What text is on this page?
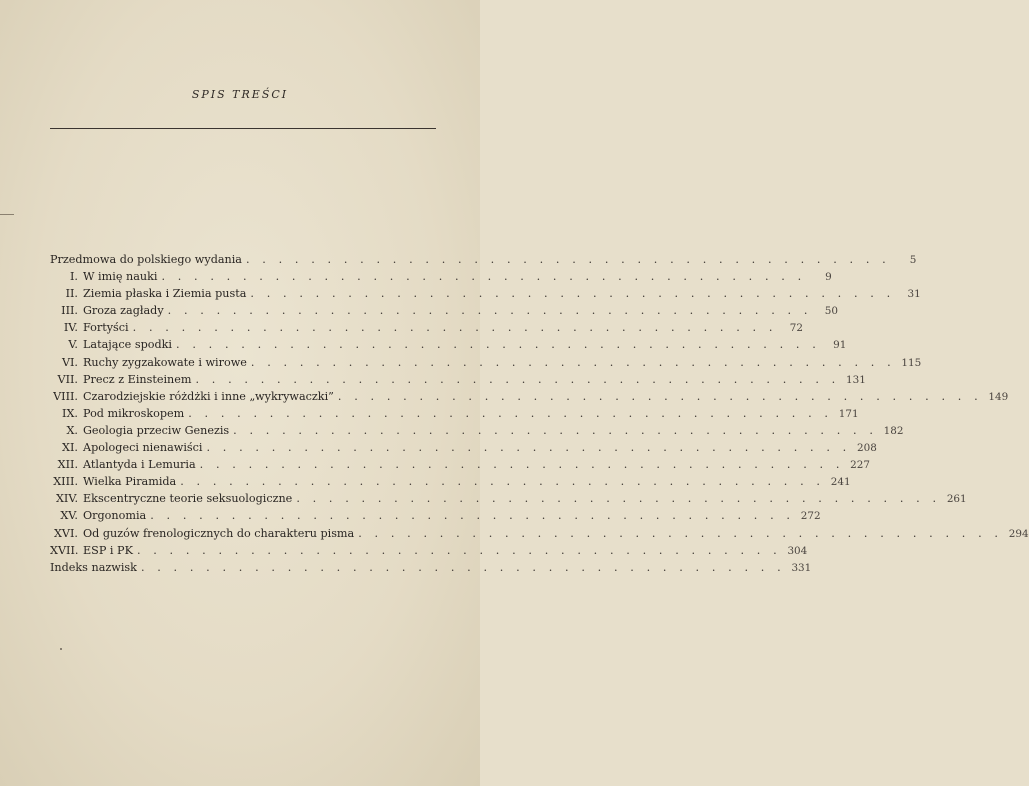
SPIS TREŚCI
Przedmowa do polskiego wydania . . . . . . . . . . . . . . . . . . . . . . . . . . . . . . . . . . . . . . . .	5
I. W imię nauki . . . . . . . . . . . . . . . . . . . . . . . . . . . . . . . . . . . . . . . .	9
II. Ziemia płaska i Ziemia pusta . . . . . . . . . . . . . . . . . . . . . . . . . . . . . . . . . . . . . . . .	31
III. Groza zagłady . . . . . . . . . . . . . . . . . . . . . . . . . . . . . . . . . . . . . . . .	50
IV. Fortyści . . . . . . . . . . . . . . . . . . . . . . . . . . . . . . . . . . . . . . . .	72
V. Latające spodki . . . . . . . . . . . . . . . . . . . . . . . . . . . . . . . . . . . . . . . .	91
VI. Ruchy zygzakowate i wirowe . . . . . . . . . . . . . . . . . . . . . . . . . . . . . . . . . . . . . . . . 115
VII. Precz z Einsteinem . . . . . . . . . . . . . . . . . . . . . . . . . . . . . . . . . . . . . . . . 131
VIII. Czarodziejskie różdżki i inne „wykrywaczki” . . . . . . . . . . . . . . . . . . . . . . . . . . . . . . . . . . . . . . . . 149
IX. Pod mikroskopem . . . . . . . . . . . . . . . . . . . . . . . . . . . . . . . . . . . . . . . . 171
X. Geologia przeciw Genezis . . . . . . . . . . . . . . . . . . . . . . . . . . . . . . . . . . . . . . . . 182
XI. Apologeci nienawiści . . . . . . . . . . . . . . . . . . . . . . . . . . . . . . . . . . . . . . . . 208
XII. Atlantyda i Lemuria . . . . . . . . . . . . . . . . . . . . . . . . . . . . . . . . . . . . . . . . 227
XIII. Wielka Piramida . . . . . . . . . . . . . . . . . . . . . . . . . . . . . . . . . . . . . . . . 241
XIV. Ekscentryczne teorie seksuologiczne . . . . . . . . . . . . . . . . . . . . . . . . . . . . . . . . . . . . . . . . 261
XV. Orgonomia . . . . . . . . . . . . . . . . . . . . . . . . . . . . . . . . . . . . . . . . 272
XVI. Od guzów frenologicznych do charakteru pisma . . . . . . . . . . . . . . . . . . . . . . . . . . . . . . . . . . . . . . . . 294
XVII. ESP i PK . . . . . . . . . . . . . . . . . . . . . . . . . . . . . . . . . . . . . . . . 304
Indeks nazwisk . . . . . . . . . . . . . . . . . . . . . . . . . . . . . . . . . . . . . . . . 331
